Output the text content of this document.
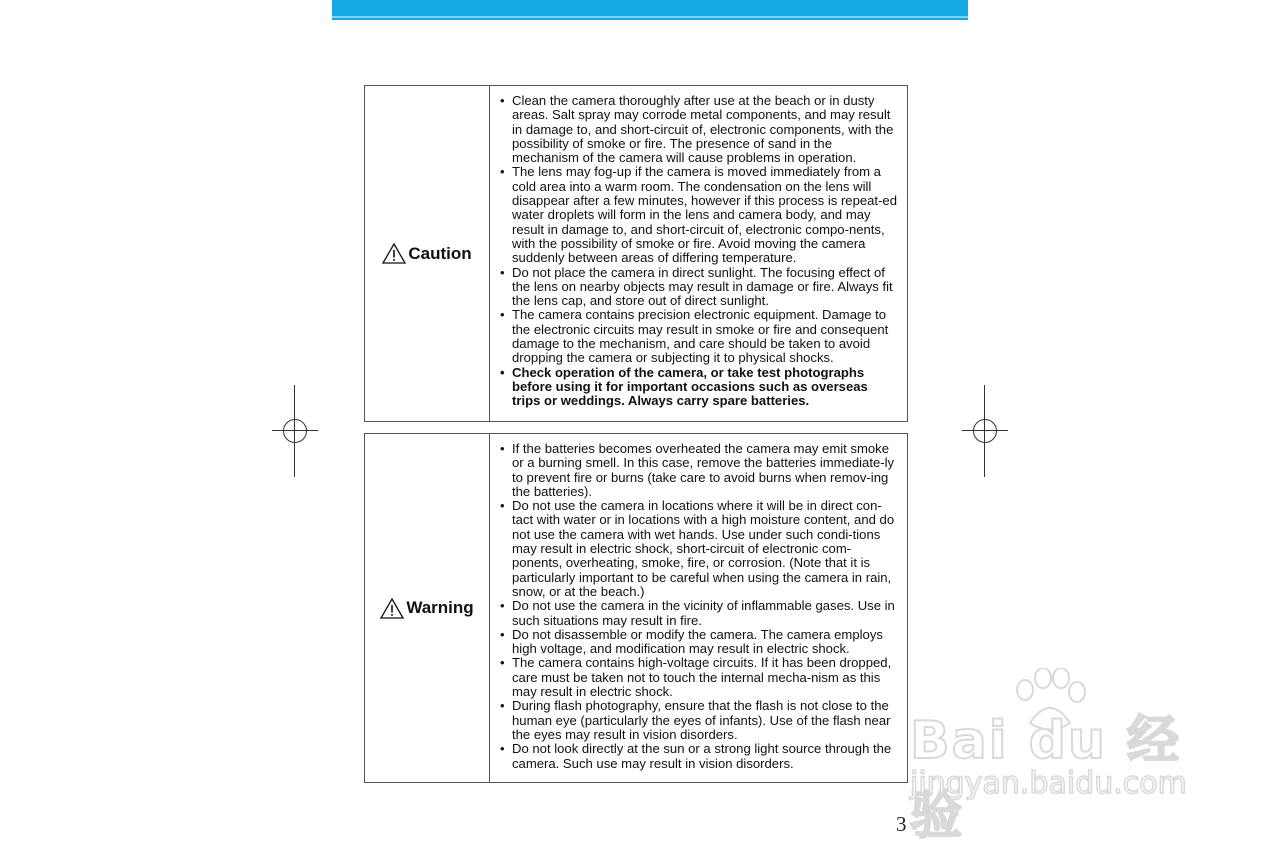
Caution
• Clean the camera thoroughly after use at the beach or in dusty areas. Salt spray may corrode metal components, and may result in damage to, and short-circuit of, electronic components, with the possibility of smoke or fire. The presence of sand in the mechanism of the camera will cause problems in operation.
• The lens may fog-up if the camera is moved immediately from a cold area into a warm room. The condensation on the lens will disappear after a few minutes, however if this process is repeat-ed water droplets will form in the lens and camera body, and may result in damage to, and short-circuit of, electronic compo-nents, with the possibility of smoke or fire. Avoid moving the camera suddenly between areas of differing temperature.
• Do not place the camera in direct sunlight. The focusing effect of the lens on nearby objects may result in damage or fire. Always fit the lens cap, and store out of direct sunlight.
• The camera contains precision electronic equipment. Damage to the electronic circuits may result in smoke or fire and consequent damage to the mechanism, and care should be taken to avoid dropping the camera or subjecting it to physical shocks.
• Check operation of the camera, or take test photographs before using it for important occasions such as overseas trips or weddings. Always carry spare batteries.
Warning
• If the batteries becomes overheated the camera may emit smoke or a burning smell. In this case, remove the batteries immediate-ly to prevent fire or burns (take care to avoid burns when remov-ing the batteries).
• Do not use the camera in locations where it will be in direct con-tact with water or in locations with a high moisture content, and do not use the camera with wet hands. Use under such condi-tions may result in electric shock, short-circuit of electronic com-ponents, overheating, smoke, fire, or corrosion. (Note that it is particularly important to be careful when using the camera in rain, snow, or at the beach.)
• Do not use the camera in the vicinity of inflammable gases. Use in such situations may result in fire.
• Do not disassemble or modify the camera. The camera employs high voltage, and modification may result in electric shock.
• The camera contains high-voltage circuits. If it has been dropped, care must be taken not to touch the internal mecha-nism as this may result in electric shock.
• During flash photography, ensure that the flash is not close to the human eye (particularly the eyes of infants). Use of the flash near the eyes may result in vision disorders.
• Do not look directly at the sun or a strong light source through the camera. Such use may result in vision disorders.	Bai du 经验
jingyan.baidu.com
3
